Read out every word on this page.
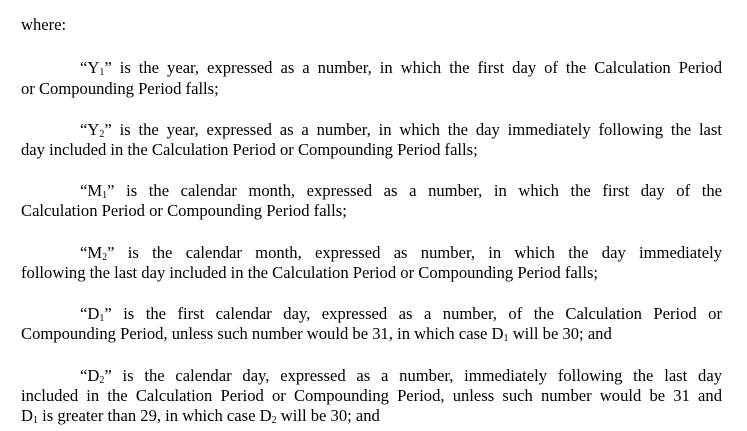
where:
“$Y_1$” is the year, expressed as a number, in which the first day of the Calculation Period
or Compounding Period falls;
“$Y_2$” is the year, expressed as a number, in which the day immediately following the last
day included in the Calculation Period or Compounding Period falls;
“$M_1$” is the calendar month, expressed as a number, in which the first day of the
Calculation Period or Compounding Period falls;
“$M_2$” is the calendar month, expressed as number, in which the day immediately
following the last day included in the Calculation Period or Compounding Period falls;
“$D_1$” is the first calendar day, expressed as a number, of the Calculation Period or
Compounding Period, unless such number would be 31, in which case $D_1$ will be 30; and
“$D_2$” is the calendar day, expressed as a number, immediately following the last day
included in the Calculation Period or Compounding Period, unless such number would be 31 and
$D_1$ is greater than 29, in which case $D_2$ will be 30; and
